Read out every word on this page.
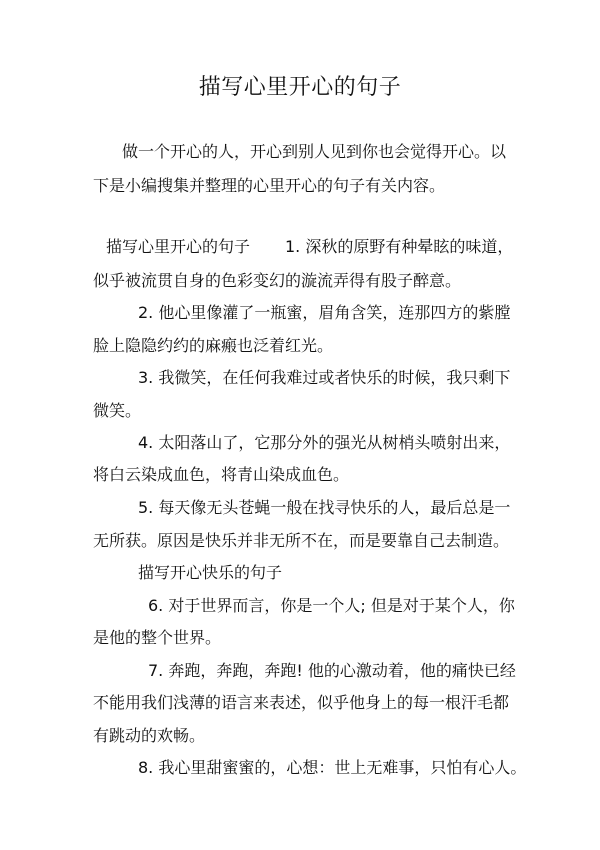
描写心里开心的句子
做一个开心的人，开心到别人见到你也会觉得开心。以
下是小编搜集并整理的心里开心的句子有关内容。
描写心里开心的句子 1. 深秋的原野有种晕眩的味道，
似乎被流贯自身的色彩变幻的漩流弄得有股子醉意。
2. 他心里像灌了一瓶蜜，眉角含笑，连那四方的紫膛
脸上隐隐约约的麻瘢也泛着红光。
3. 我微笑，在任何我难过或者快乐的时候，我只剩下
微笑。
4. 太阳落山了，它那分外的强光从树梢头喷射出来，
将白云染成血色，将青山染成血色。
5. 每天像无头苍蝇一般在找寻快乐的人，最后总是一
无所获。原因是快乐并非无所不在，而是要靠自己去制造。
描写开心快乐的句子
6. 对于世界而言，你是一个人; 但是对于某个人，你
是他的整个世界。
7. 奔跑，奔跑，奔跑! 他的心激动着，他的痛快已经
不能用我们浅薄的语言来表述，似乎他身上的每一根汗毛都
有跳动的欢畅。
8. 我心里甜蜜蜜的，心想：世上无难事，只怕有心人。
